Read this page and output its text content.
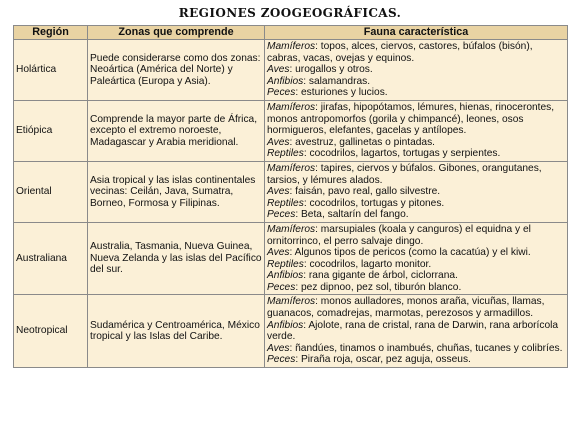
REGIONES ZOOGEOGRÁFICAS.
Región	Zonas que comprende	Fauna característica
Holártica	Puede considerarse como dos zonas: Neoártica (América del Norte) y Paleártica (Europa y Asia).	Mamíferos: topos, alces, ciervos, castores, búfalos (bisón), cabras, vacas, ovejas y equinos.
Aves: urogallos y otros.
Anfibios: salamandras.
Peces: esturiones y lucios.

Etiópica	Comprende la mayor parte de África, excepto el extremo noroeste, Madagascar y Arabia meridional.	Mamíferos: jirafas, hipopótamos, lémures, hienas, rinocerontes, monos antropomorfos (gorila y chimpancé), leones, osos hormigueros, elefantes, gacelas y antílopes.
Aves: avestruz, gallinetas o pintadas.
Reptiles: cocodrilos, lagartos, tortugas y serpientes.

Oriental	Asia tropical y las islas continentales vecinas: Ceilán, Java, Sumatra, Borneo, Formosa y Filipinas.	Mamíferos: tapires, ciervos y búfalos. Gibones, orangutanes, tarsios, y lémures alados.
Aves: faisán, pavo real, gallo silvestre.
Reptiles: cocodrilos, tortugas y pitones.
Peces: Beta, saltarín del fango.

Australiana	Australia, Tasmania, Nueva Guinea, Nueva Zelanda y las islas del Pacífico del sur.	Mamíferos: marsupiales (koala y canguros) el equidna y el ornitorrinco, el perro salvaje dingo.
Aves: Algunos tipos de pericos (como la cacatúa) y el kiwi.
Reptiles: cocodrilos, lagarto monitor.
Anfibios: rana gigante de árbol, ciclorrana.
Peces: pez dipnoo, pez sol, tiburón blanco.

Neotropical	Sudamérica y Centroamérica, México tropical y las Islas del Caribe.	Mamíferos: monos aulladores, monos araña, vicuñas, llamas, guanacos, comadrejas, marmotas, perezosos y armadillos.
Anfibios: Ajolote, rana de cristal, rana de Darwin, rana arborícola verde.
Aves: ñandúes, tinamos o inambués, chuñas, tucanes y colibríes.
Peces: Piraña roja, oscar, pez aguja, osseus.
